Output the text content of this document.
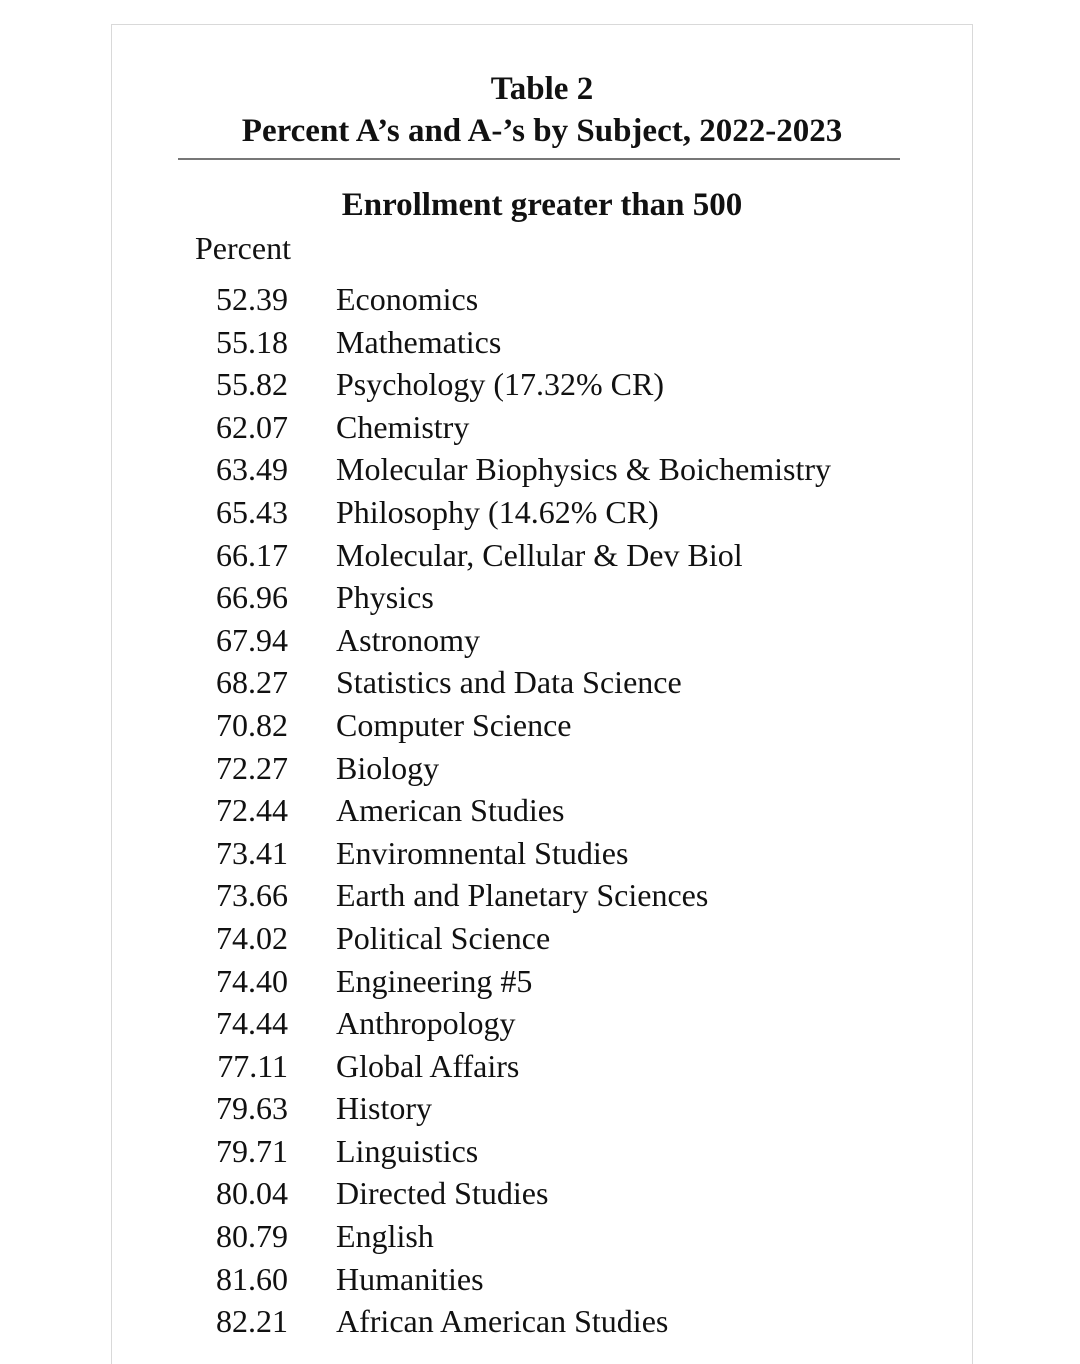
Table 2
Percent A’s and A-’s by Subject, 2022-2023
Enrollment greater than 500
Percent
52.39 Economics
55.18 Mathematics
55.82 Psychology (17.32% CR)
62.07 Chemistry
63.49 Molecular Biophysics & Boichemistry
65.43 Philosophy (14.62% CR)
66.17 Molecular, Cellular & Dev Biol
66.96 Physics
67.94 Astronomy
68.27 Statistics and Data Science
70.82 Computer Science
72.27 Biology
72.44 American Studies
73.41 Enviromnental Studies
73.66 Earth and Planetary Sciences
74.02 Political Science
74.40 Engineering #5
74.44 Anthropology
77.11 Global Affairs
79.63 History
79.71 Linguistics
80.04 Directed Studies
80.79 English
81.60 Humanities
82.21 African American Studies
